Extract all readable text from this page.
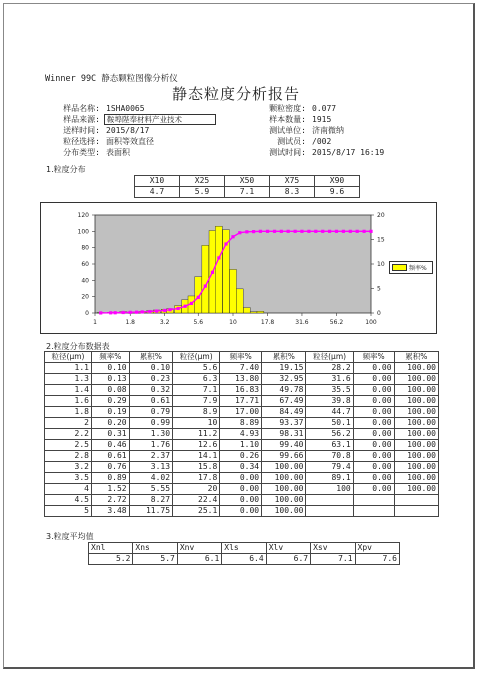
Winner 99C 静态颗粒图像分析仪
静态粒度分析报告
样品名称: 1SHA0065
样品来源: 鞍埠陛奉材料产业技术
送样时间: 2015/8/17
粒径选择: 面积等效直径
分布类型: 表面积
颗粒密度: 0.077
样本数量: 1915
测试单位: 济南微纳
测试员: /002
测试时间: 2015/8/17 16:19
1.粒度分布
X10	X25	X50	X75	X90
4.7	5.9	7.1	8.3	9.6
0
20
40
60
80
100
120
0
5
10
15
20
1	1.8	3.2	5.6	10	17.8	31.6	56.2	100
频率%
2.粒度分布数据表
粒径(μm)	频率%	累积%	粒径(μm)	频率%	累积%	粒径(μm)	频率%	累积%
1.1	0.10	0.10	5.6	7.40	19.15	28.2	0.00	100.00
1.3	0.13	0.23	6.3	13.80	32.95	31.6	0.00	100.00
1.4	0.08	0.32	7.1	16.83	49.78	35.5	0.00	100.00
1.6	0.29	0.61	7.9	17.71	67.49	39.8	0.00	100.00
1.8	0.19	0.79	8.9	17.00	84.49	44.7	0.00	100.00
2	0.20	0.99	10	8.89	93.37	50.1	0.00	100.00
2.2	0.31	1.30	11.2	4.93	98.31	56.2	0.00	100.00
2.5	0.46	1.76	12.6	1.10	99.40	63.1	0.00	100.00
2.8	0.61	2.37	14.1	0.26	99.66	70.8	0.00	100.00
3.2	0.76	3.13	15.8	0.34	100.00	79.4	0.00	100.00
3.5	0.89	4.02	17.8	0.00	100.00	89.1	0.00	100.00
4	1.52	5.55	20	0.00	100.00	100	0.00	100.00
4.5	2.72	8.27	22.4	0.00	100.00			
5	3.48	11.75	25.1	0.00	100.00			
3.粒度平均值
Xnl	Xns	Xnv	Xls	Xlv	Xsv	Xpv
5.2	5.7	6.1	6.4	6.7	7.1	7.6
